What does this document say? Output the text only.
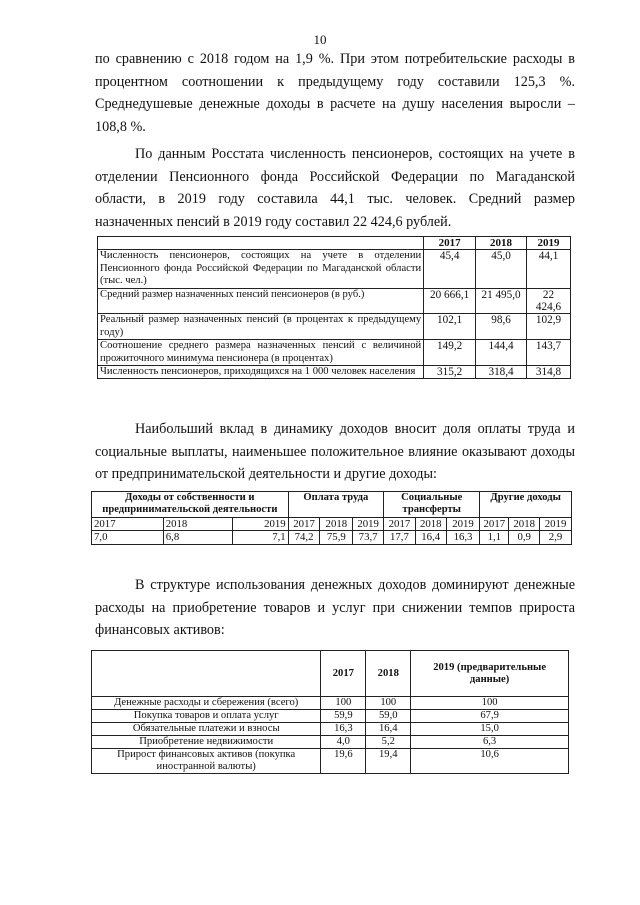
10

по сравнению с 2018 годом на 1,9 %. При этом потребительские расходы в процентном соотношении к предыдущему году составили 125,3 %. Среднедушевые денежные доходы в расчете на душу населения выросли – 108,8 %.

По данным Росстата численность пенсионеров, состоящих на учете в отделении Пенсионного фонда Российской Федерации по Магаданской области, в 2019 году составила 44,1 тыс. человек. Средний размер назначенных пенсий в 2019 году составил 22 424,6 рублей.

	2017	2018	2019
Численность пенсионеров, состоящих на учете в отделении Пенсионного фонда Российской Федерации по Магаданской области (тыс. чел.)	45,4	45,0	44,1
Средний размер назначенных пенсий пенсионеров (в руб.)	20 666,1	21 495,0	22 424,6
Реальный размер назначенных пенсий (в процентах к предыдущему году)	102,1	98,6	102,9
Соотношение среднего размера назначенных пенсий с величиной прожиточного минимума пенсионера (в процентах)	149,2	144,4	143,7
Численность пенсионеров, приходящихся на 1 000 человек населения	315,2	318,4	314,8

Наибольший вклад в динамику доходов вносит доля оплаты труда и социальные выплаты, наименьшее положительное влияние оказывают доходы от предпринимательской деятельности и другие доходы:

Доходы от собственности и предпринимательской деятельности			Оплата труда			Социальные трансферты			Другие доходы		
2017	2018	2019	2017	2018	2019	2017	2018	2019	2017	2018	2019
7,0	6,8	7,1	74,2	75,9	73,7	17,7	16,4	16,3	1,1	0,9	2,9

В структуре использования денежных доходов доминируют денежные расходы на приобретение товаров и услуг при снижении темпов прироста финансовых активов:

	2017	2018	2019 (предварительные данные)
Денежные расходы и сбережения (всего)	100	100	100
Покупка товаров и оплата услуг	59,9	59,0	67,9
Обязательные платежи и взносы	16,3	16,4	15,0
Приобретение недвижимости	4,0	5,2	6,3
Прирост финансовых активов (покупка иностранной валюты)	19,6	19,4	10,6
